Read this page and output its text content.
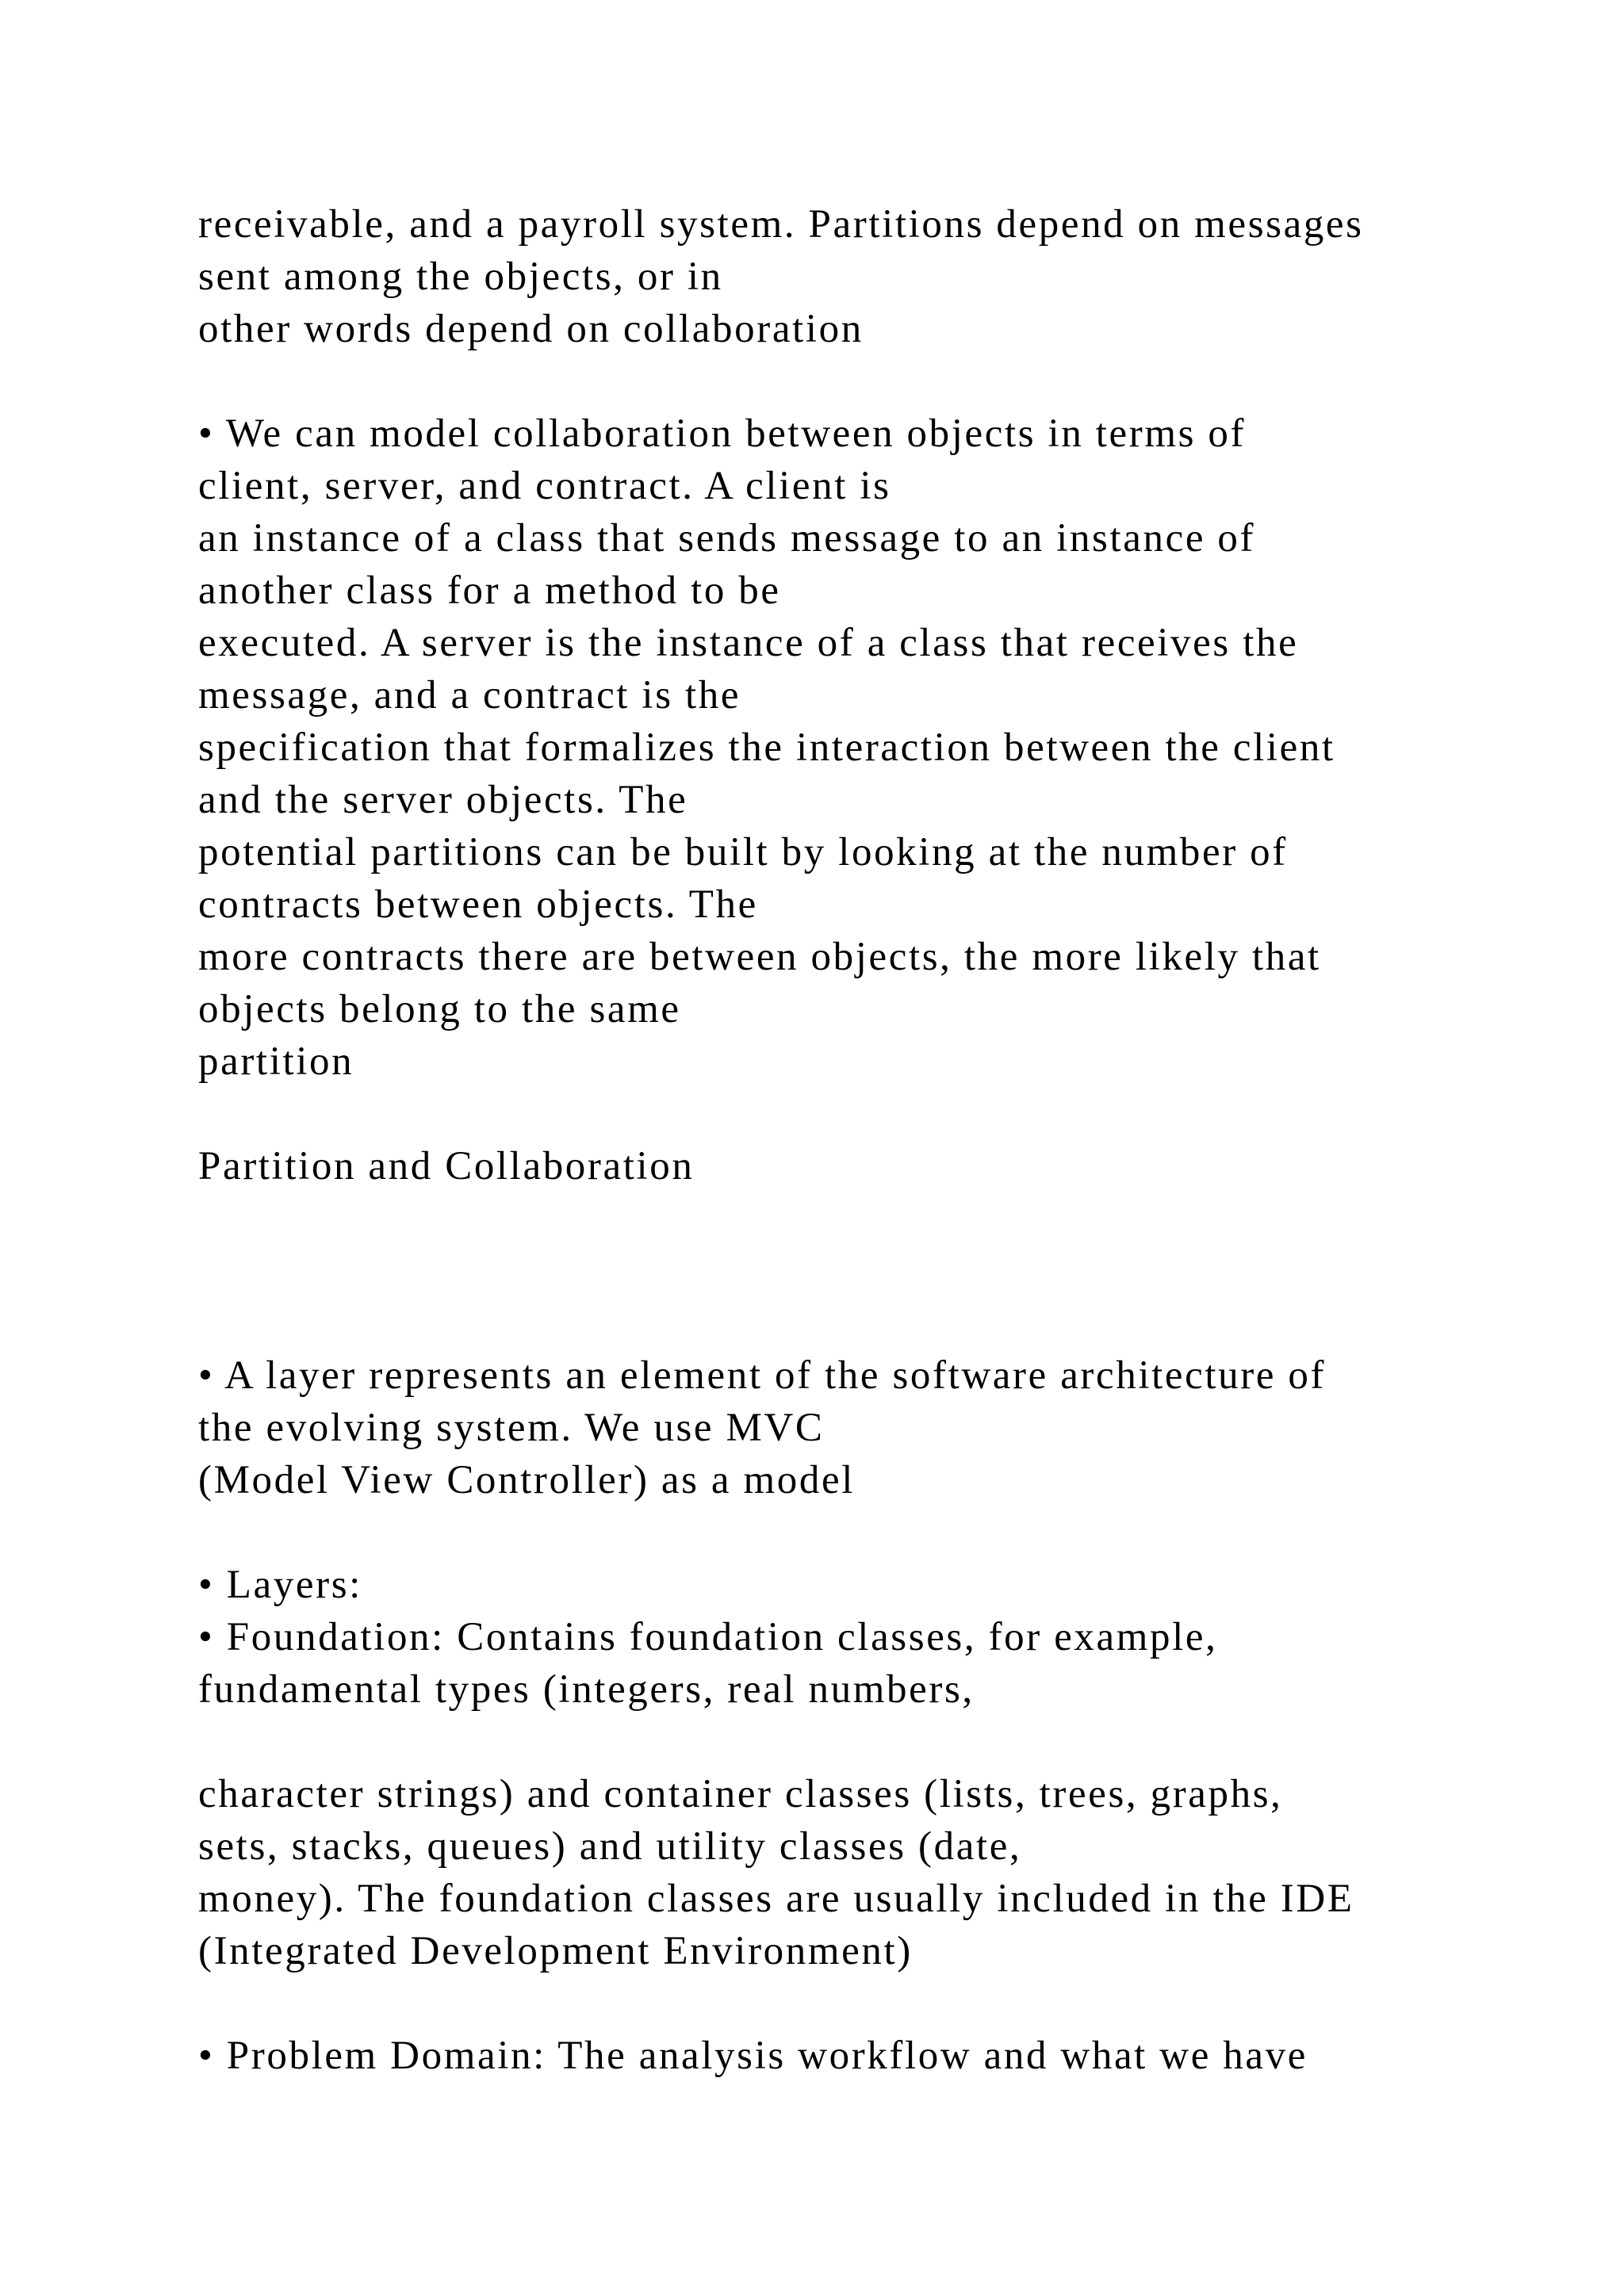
receivable, and a payroll system. Partitions depend on messages
sent among the objects, or in
other words depend on collaboration
• We can model collaboration between objects in terms of
client, server, and contract. A client is
an instance of a class that sends message to an instance of
another class for a method to be
executed. A server is the instance of a class that receives the
message, and a contract is the
specification that formalizes the interaction between the client
and the server objects. The
potential partitions can be built by looking at the number of
contracts between objects. The
more contracts there are between objects, the more likely that
objects belong to the same
partition
Partition and Collaboration
• A layer represents an element of the software architecture of
the evolving system. We use MVC
(Model View Controller) as a model
• Layers:
• Foundation: Contains foundation classes, for example,
fundamental types (integers, real numbers,
character strings) and container classes (lists, trees, graphs,
sets, stacks, queues) and utility classes (date,
money). The foundation classes are usually included in the IDE
(Integrated Development Environment)
• Problem Domain: The analysis workflow and what we have
